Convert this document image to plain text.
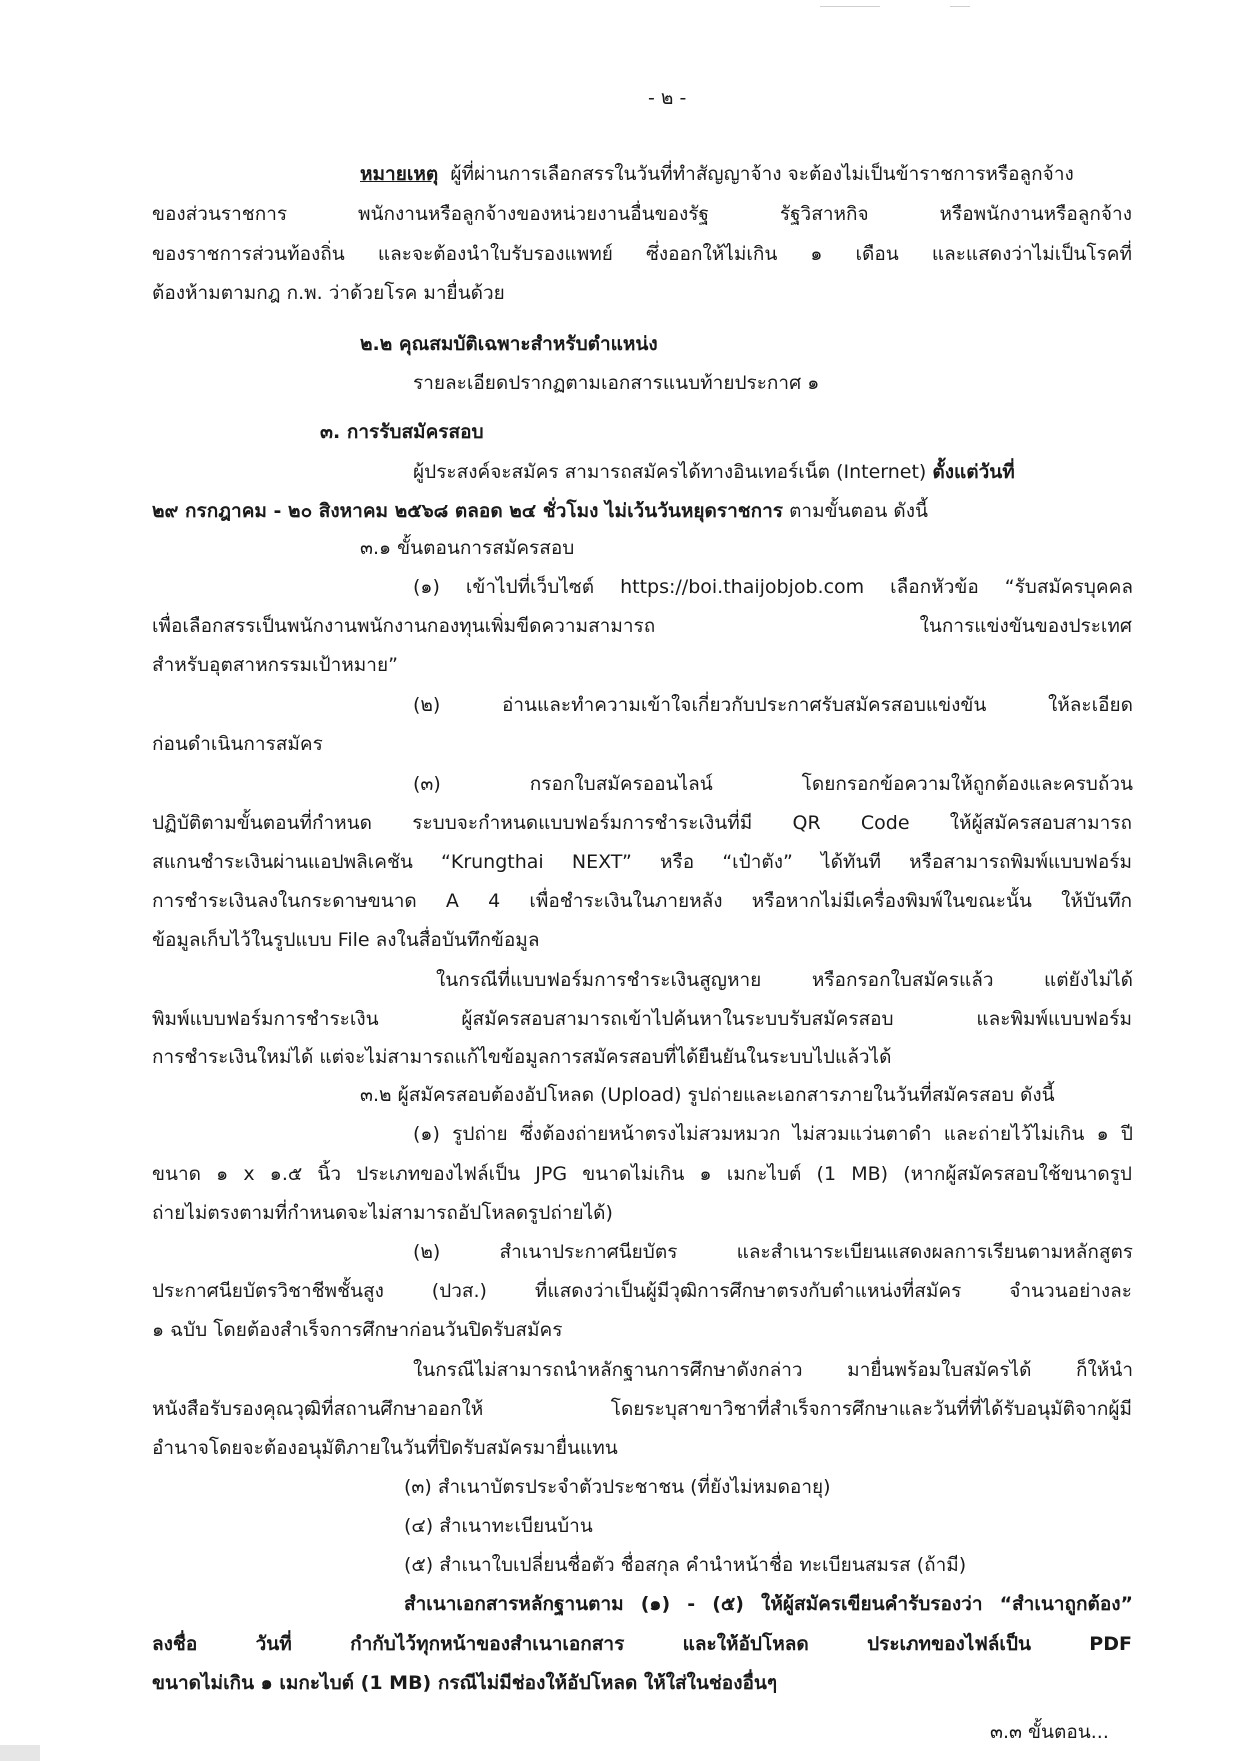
- ๒ -
หมายเหตุ ผู้ที่ผ่านการเลือกสรรในวันที่ทำสัญญาจ้าง จะต้องไม่เป็นข้าราชการหรือลูกจ้าง
ของส่วนราชการ พนักงานหรือลูกจ้างของหน่วยงานอื่นของรัฐ รัฐวิสาหกิจ หรือพนักงานหรือลูกจ้าง
ของราชการส่วนท้องถิ่น และจะต้องนำใบรับรองแพทย์ ซึ่งออกให้ไม่เกิน ๑ เดือน และแสดงว่าไม่เป็นโรคที่
ต้องห้ามตามกฎ ก.พ. ว่าด้วยโรค มายื่นด้วย
๒.๒ คุณสมบัติเฉพาะสำหรับตำแหน่ง
รายละเอียดปรากฏตามเอกสารแนบท้ายประกาศ ๑
๓. การรับสมัครสอบ
ผู้ประสงค์จะสมัคร สามารถสมัครได้ทางอินเทอร์เน็ต (Internet) ตั้งแต่วันที่
๒๙ กรกฎาคม - ๒๐ สิงหาคม ๒๕๖๘ ตลอด ๒๔ ชั่วโมง ไม่เว้นวันหยุดราชการ ตามขั้นตอน ดังนี้
๓.๑ ขั้นตอนการสมัครสอบ
(๑) เข้าไปที่เว็บไซต์ https://boi.thaijobjob.com เลือกหัวข้อ “รับสมัครบุคคล
เพื่อเลือกสรรเป็นพนักงานพนักงานกองทุนเพิ่มขีดความสามารถ ในการแข่งขันของประเทศ
สำหรับอุตสาหกรรมเป้าหมาย”
(๒) อ่านและทำความเข้าใจเกี่ยวกับประกาศรับสมัครสอบแข่งขัน ให้ละเอียด
ก่อนดำเนินการสมัคร
(๓) กรอกใบสมัครออนไลน์ โดยกรอกข้อความให้ถูกต้องและครบถ้วน
ปฏิบัติตามขั้นตอนที่กำหนด ระบบจะกำหนดแบบฟอร์มการชำระเงินที่มี QR Code ให้ผู้สมัครสอบสามารถ
สแกนชำระเงินผ่านแอปพลิเคชัน “Krungthai NEXT” หรือ “เป๋าตัง” ได้ทันที หรือสามารถพิมพ์แบบฟอร์ม
การชำระเงินลงในกระดาษขนาด A 4 เพื่อชำระเงินในภายหลัง หรือหากไม่มีเครื่องพิมพ์ในขณะนั้น ให้บันทึก
ข้อมูลเก็บไว้ในรูปแบบ File ลงในสื่อบันทึกข้อมูล
ในกรณีที่แบบฟอร์มการชำระเงินสูญหาย หรือกรอกใบสมัครแล้ว แต่ยังไม่ได้
พิมพ์แบบฟอร์มการชำระเงิน ผู้สมัครสอบสามารถเข้าไปค้นหาในระบบรับสมัครสอบ และพิมพ์แบบฟอร์ม
การชำระเงินใหม่ได้ แต่จะไม่สามารถแก้ไขข้อมูลการสมัครสอบที่ได้ยืนยันในระบบไปแล้วได้
๓.๒ ผู้สมัครสอบต้องอัปโหลด (Upload) รูปถ่ายและเอกสารภายในวันที่สมัครสอบ ดังนี้
(๑) รูปถ่าย ซึ่งต้องถ่ายหน้าตรงไม่สวมหมวก ไม่สวมแว่นตาดำ และถ่ายไว้ไม่เกิน ๑ ปี
ขนาด ๑ x ๑.๕ นิ้ว ประเภทของไฟล์เป็น JPG ขนาดไม่เกิน ๑ เมกะไบต์ (1 MB) (หากผู้สมัครสอบใช้ขนาดรูป
ถ่ายไม่ตรงตามที่กำหนดจะไม่สามารถอัปโหลดรูปถ่ายได้)
(๒) สำเนาประกาศนียบัตร และสำเนาระเบียนแสดงผลการเรียนตามหลักสูตร
ประกาศนียบัตรวิชาชีพชั้นสูง (ปวส.) ที่แสดงว่าเป็นผู้มีวุฒิการศึกษาตรงกับตำแหน่งที่สมัคร จำนวนอย่างละ
๑ ฉบับ โดยต้องสำเร็จการศึกษาก่อนวันปิดรับสมัคร
ในกรณีไม่สามารถนำหลักฐานการศึกษาดังกล่าว มายื่นพร้อมใบสมัครได้ ก็ให้นำ
หนังสือรับรองคุณวุฒิที่สถานศึกษาออกให้ โดยระบุสาขาวิชาที่สำเร็จการศึกษาและวันที่ที่ได้รับอนุมัติจากผู้มี
อำนาจโดยจะต้องอนุมัติภายในวันที่ปิดรับสมัครมายื่นแทน
(๓) สำเนาบัตรประจำตัวประชาชน (ที่ยังไม่หมดอายุ)
(๔) สำเนาทะเบียนบ้าน
(๕) สำเนาใบเปลี่ยนชื่อตัว ชื่อสกุล คำนำหน้าชื่อ ทะเบียนสมรส (ถ้ามี)
สำเนาเอกสารหลักฐานตาม (๑) - (๕) ให้ผู้สมัครเขียนคำรับรองว่า “สำเนาถูกต้อง”
ลงชื่อ วันที่ กำกับไว้ทุกหน้าของสำเนาเอกสาร และให้อัปโหลด ประเภทของไฟล์เป็น PDF
ขนาดไม่เกิน ๑ เมกะไบต์ (1 MB) กรณีไม่มีช่องให้อัปโหลด ให้ใส่ในช่องอื่นๆ
๓.๓ ขั้นตอน...
